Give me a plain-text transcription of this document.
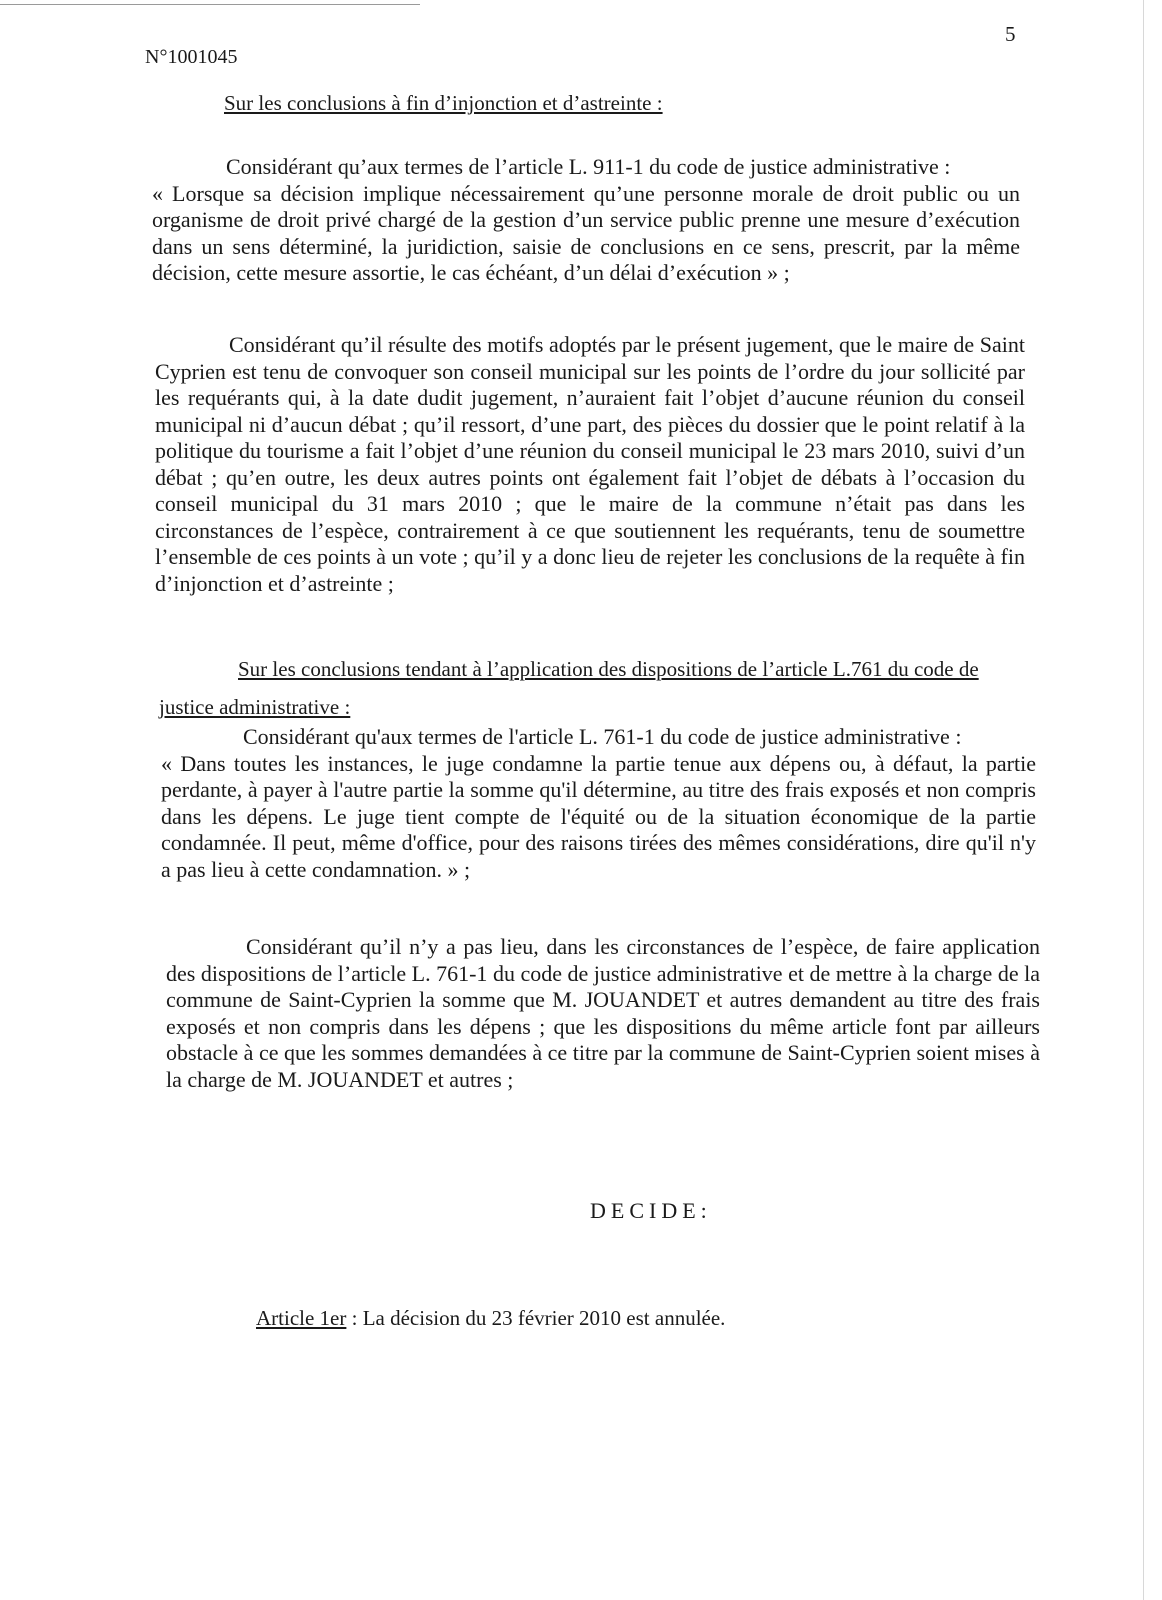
5
N°1001045
Sur les conclusions à fin d’injonction et d’astreinte :
Considérant qu’aux termes de l’article L. 911-1 du code de justice administrative :
« Lorsque sa décision implique nécessairement qu’une personne morale de droit public ou un organisme de droit privé chargé de la gestion d’un service public prenne une mesure d’exécution dans un sens déterminé, la juridiction, saisie de conclusions en ce sens, prescrit, par la même décision, cette mesure assortie, le cas échéant, d’un délai d’exécution » ;
Considérant qu’il résulte des motifs adoptés par le présent jugement, que le maire de Saint Cyprien est tenu de convoquer son conseil municipal sur les points de l’ordre du jour sollicité par les requérants qui, à la date dudit jugement, n’auraient fait l’objet d’aucune réunion du conseil municipal ni d’aucun débat ; qu’il ressort, d’une part, des pièces du dossier que le point relatif à la politique du tourisme a fait l’objet d’une réunion du conseil municipal le 23 mars 2010, suivi d’un débat ; qu’en outre, les deux autres points ont également fait l’objet de débats à l’occasion du conseil municipal du 31 mars 2010 ; que le maire de la commune n’était pas dans les circonstances de l’espèce, contrairement à ce que soutiennent les requérants, tenu de soumettre l’ensemble de ces points à un vote ; qu’il y a donc lieu de rejeter les conclusions de la requête à fin d’injonction et d’astreinte ;
Sur les conclusions tendant à l’application des dispositions de l’article L.761 du code de
justice administrative :
Considérant qu'aux termes de l'article L. 761-1 du code de justice administrative :
« Dans toutes les instances, le juge condamne la partie tenue aux dépens ou, à défaut, la partie perdante, à payer à l'autre partie la somme qu'il détermine, au titre des frais exposés et non compris dans les dépens. Le juge tient compte de l'équité ou de la situation économique de la partie condamnée. Il peut, même d'office, pour des raisons tirées des mêmes considérations, dire qu'il n'y a pas lieu à cette condamnation. » ;
Considérant qu’il n’y a pas lieu, dans les circonstances de l’espèce, de faire application des dispositions de l’article L. 761-1 du code de justice administrative et de mettre à la charge de la commune de Saint-Cyprien la somme que M. JOUANDET et autres demandent au titre des frais exposés et non compris dans les dépens ; que les dispositions du même article font par ailleurs obstacle à ce que les sommes demandées à ce titre par la commune de Saint-Cyprien soient mises à la charge de M. JOUANDET et autres ;
DECIDE:
Article 1er : La décision du 23 février 2010 est annulée.
